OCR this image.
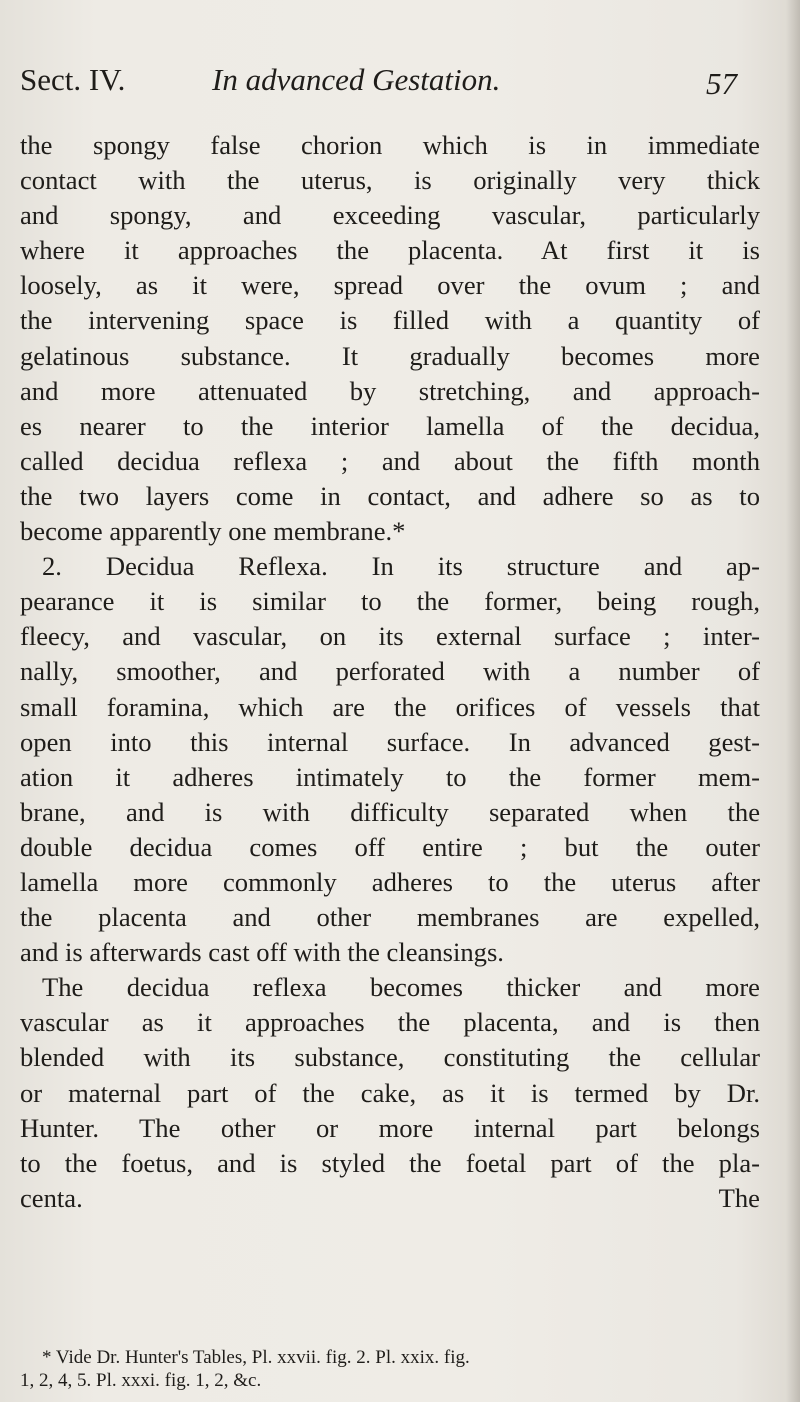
Sect. IV.	In advanced Gestation.	57
the spongy false chorion which is in immediate
contact with the uterus, is originally very thick
and spongy, and exceeding vascular, particularly
where it approaches the placenta. At first it is
loosely, as it were, spread over the ovum ; and
the intervening space is filled with a quantity of
gelatinous substance. It gradually becomes more
and more attenuated by stretching, and approach-
es nearer to the interior lamella of the decidua,
called decidua reflexa ; and about the fifth month
the two layers come in contact, and adhere so as to
become apparently one membrane.*
2. Decidua Reflexa. In its structure and ap-
pearance it is similar to the former, being rough,
fleecy, and vascular, on its external surface ; inter-
nally, smoother, and perforated with a number of
small foramina, which are the orifices of vessels that
open into this internal surface. In advanced gest-
ation it adheres intimately to the former mem-
brane, and is with difficulty separated when the
double decidua comes off entire ; but the outer
lamella more commonly adheres to the uterus after
the placenta and other membranes are expelled,
and is afterwards cast off with the cleansings.
The decidua reflexa becomes thicker and more
vascular as it approaches the placenta, and is then
blended with its substance, constituting the cellular
or maternal part of the cake, as it is termed by Dr.
Hunter. The other or more internal part belongs
to the foetus, and is styled the foetal part of the pla-
centa.	The
* Vide Dr. Hunter's Tables, Pl. xxvii. fig. 2. Pl. xxix. fig.
1, 2, 4, 5. Pl. xxxi. fig. 1, 2, &c.
